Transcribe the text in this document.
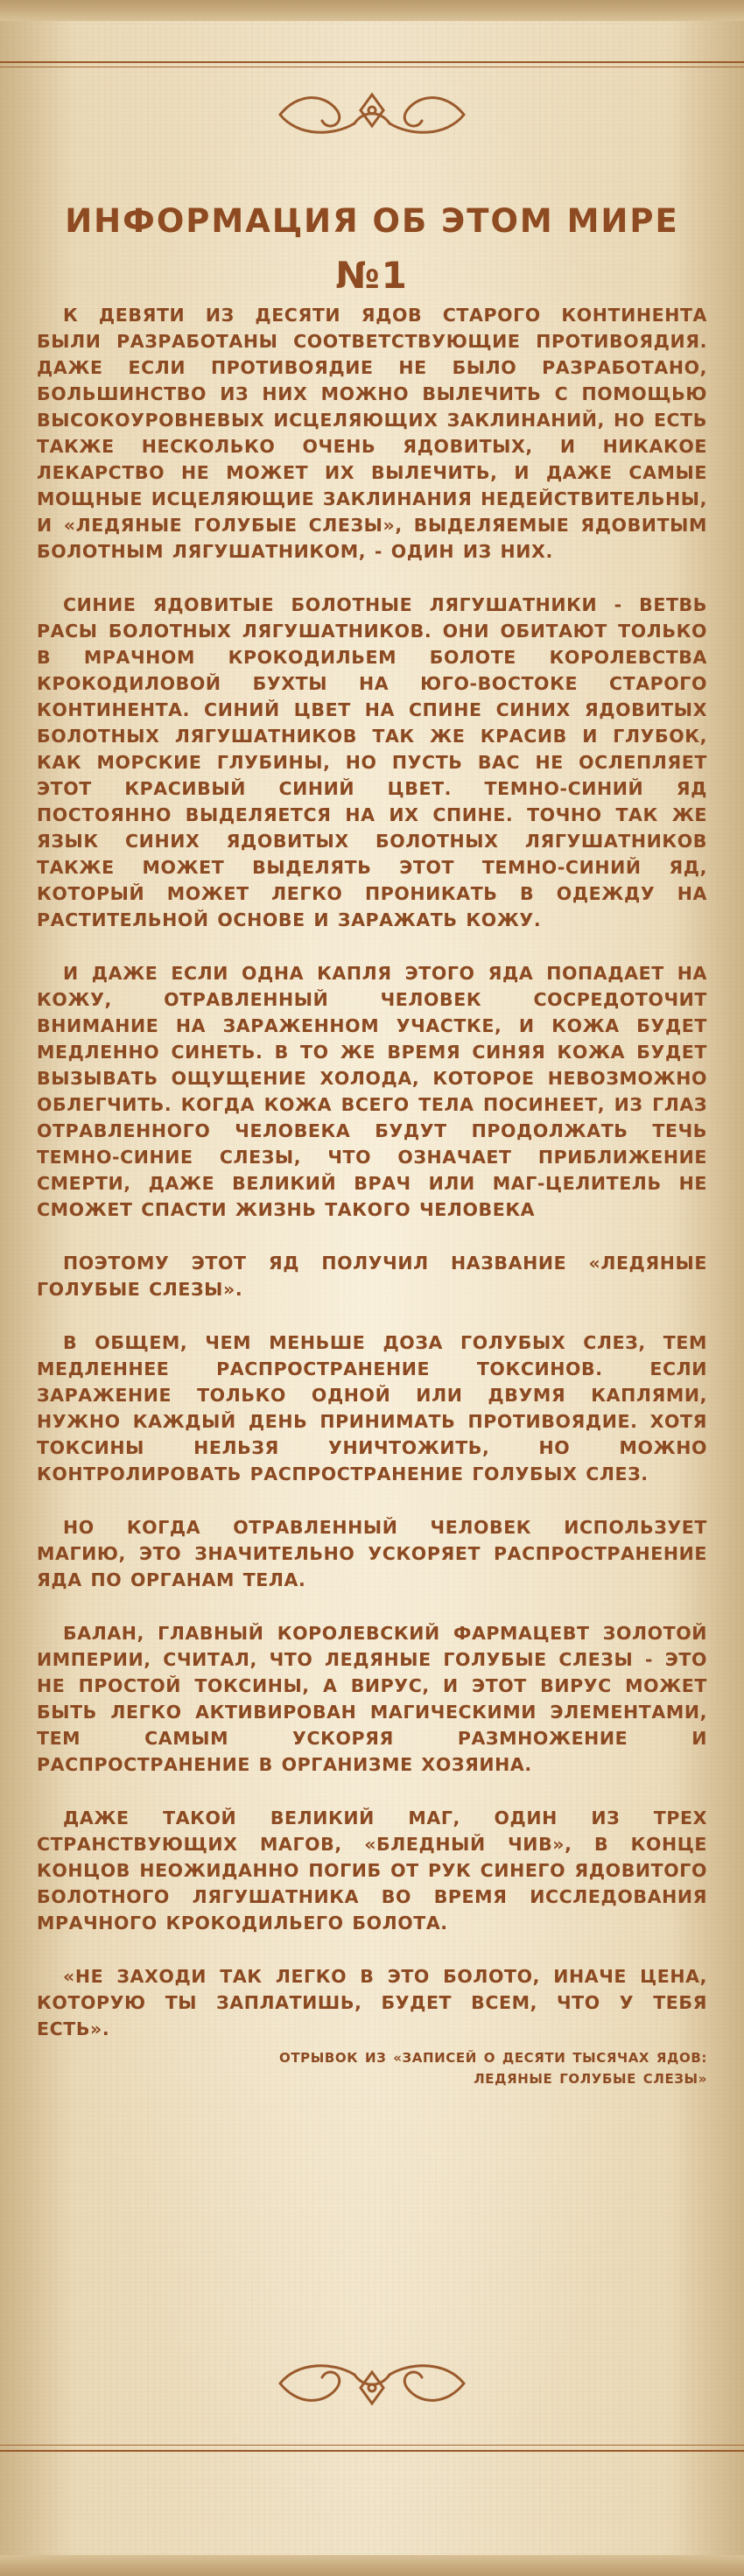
ИНФОРМАЦИЯ ОБ ЭТОМ МИРЕ
№1

К ДЕВЯТИ ИЗ ДЕСЯТИ ЯДОВ СТАРОГО КОНТИНЕНТА БЫЛИ РАЗРАБОТАНЫ СООТВЕТСТВУЮЩИЕ ПРОТИВОЯДИЯ. ДАЖЕ ЕСЛИ ПРОТИВОЯДИЕ НЕ БЫЛО РАЗРАБОТАНО, БОЛЬШИНСТВО ИЗ НИХ МОЖНО ВЫЛЕЧИТЬ С ПОМОЩЬЮ ВЫСОКОУРОВНЕВЫХ ИСЦЕЛЯЮЩИХ ЗАКЛИНАНИЙ, НО ЕСТЬ ТАКЖЕ НЕСКОЛЬКО ОЧЕНЬ ЯДОВИТЫХ, И НИКАКОЕ ЛЕКАРСТВО НЕ МОЖЕТ ИХ ВЫЛЕЧИТЬ, И ДАЖЕ САМЫЕ МОЩНЫЕ ИСЦЕЛЯЮЩИЕ ЗАКЛИНАНИЯ НЕДЕЙСТВИТЕЛЬНЫ, И «ЛЕДЯНЫЕ ГОЛУБЫЕ СЛЕЗЫ», ВЫДЕЛЯЕМЫЕ ЯДОВИТЫМ БОЛОТНЫМ ЛЯГУШАТНИКОМ, - ОДИН ИЗ НИХ.

СИНИЕ ЯДОВИТЫЕ БОЛОТНЫЕ ЛЯГУШАТНИКИ - ВЕТВЬ РАСЫ БОЛОТНЫХ ЛЯГУШАТНИКОВ. ОНИ ОБИТАЮТ ТОЛЬКО В МРАЧНОМ КРОКОДИЛЬЕМ БОЛОТЕ КОРОЛЕВСТВА КРОКОДИЛОВОЙ БУХТЫ НА ЮГО-ВОСТОКЕ СТАРОГО КОНТИНЕНТА. СИНИЙ ЦВЕТ НА СПИНЕ СИНИХ ЯДОВИТЫХ БОЛОТНЫХ ЛЯГУШАТНИКОВ ТАК ЖЕ КРАСИВ И ГЛУБОК, КАК МОРСКИЕ ГЛУБИНЫ, НО ПУСТЬ ВАС НЕ ОСЛЕПЛЯЕТ ЭТОТ КРАСИВЫЙ СИНИЙ ЦВЕТ. ТЕМНО-СИНИЙ ЯД ПОСТОЯННО ВЫДЕЛЯЕТСЯ НА ИХ СПИНЕ. ТОЧНО ТАК ЖЕ ЯЗЫК СИНИХ ЯДОВИТЫХ БОЛОТНЫХ ЛЯГУШАТНИКОВ ТАКЖЕ МОЖЕТ ВЫДЕЛЯТЬ ЭТОТ ТЕМНО-СИНИЙ ЯД, КОТОРЫЙ МОЖЕТ ЛЕГКО ПРОНИКАТЬ В ОДЕЖДУ НА РАСТИТЕЛЬНОЙ ОСНОВЕ И ЗАРАЖАТЬ КОЖУ.

И ДАЖЕ ЕСЛИ ОДНА КАПЛЯ ЭТОГО ЯДА ПОПАДАЕТ НА КОЖУ, ОТРАВЛЕННЫЙ ЧЕЛОВЕК СОСРЕДОТОЧИТ ВНИМАНИЕ НА ЗАРАЖЕННОМ УЧАСТКЕ, И КОЖА БУДЕТ МЕДЛЕННО СИНЕТЬ. В ТО ЖЕ ВРЕМЯ СИНЯЯ КОЖА БУДЕТ ВЫЗЫВАТЬ ОЩУЩЕНИЕ ХОЛОДА, КОТОРОЕ НЕВОЗМОЖНО ОБЛЕГЧИТЬ. КОГДА КОЖА ВСЕГО ТЕЛА ПОСИНЕЕТ, ИЗ ГЛАЗ ОТРАВЛЕННОГО ЧЕЛОВЕКА БУДУТ ПРОДОЛЖАТЬ ТЕЧЬ ТЕМНО-СИНИЕ СЛЕЗЫ, ЧТО ОЗНАЧАЕТ ПРИБЛИЖЕНИЕ СМЕРТИ, ДАЖЕ ВЕЛИКИЙ ВРАЧ ИЛИ МАГ-ЦЕЛИТЕЛЬ НЕ СМОЖЕТ СПАСТИ ЖИЗНЬ ТАКОГО ЧЕЛОВЕКА

ПОЭТОМУ ЭТОТ ЯД ПОЛУЧИЛ НАЗВАНИЕ «ЛЕДЯНЫЕ ГОЛУБЫЕ СЛЕЗЫ».

В ОБЩЕМ, ЧЕМ МЕНЬШЕ ДОЗА ГОЛУБЫХ СЛЕЗ, ТЕМ МЕДЛЕННЕЕ РАСПРОСТРАНЕНИЕ ТОКСИНОВ. ЕСЛИ ЗАРАЖЕНИЕ ТОЛЬКО ОДНОЙ ИЛИ ДВУМЯ КАПЛЯМИ, НУЖНО КАЖДЫЙ ДЕНЬ ПРИНИМАТЬ ПРОТИВОЯДИЕ. ХОТЯ ТОКСИНЫ НЕЛЬЗЯ УНИЧТОЖИТЬ, НО МОЖНО КОНТРОЛИРОВАТЬ РАСПРОСТРАНЕНИЕ ГОЛУБЫХ СЛЕЗ.

НО КОГДА ОТРАВЛЕННЫЙ ЧЕЛОВЕК ИСПОЛЬЗУЕТ МАГИЮ, ЭТО ЗНАЧИТЕЛЬНО УСКОРЯЕТ РАСПРОСТРАНЕНИЕ ЯДА ПО ОРГАНАМ ТЕЛА.

БАЛАН, ГЛАВНЫЙ КОРОЛЕВСКИЙ ФАРМАЦЕВТ ЗОЛОТОЙ ИМПЕРИИ, СЧИТАЛ, ЧТО ЛЕДЯНЫЕ ГОЛУБЫЕ СЛЕЗЫ - ЭТО НЕ ПРОСТОЙ ТОКСИНЫ, А ВИРУС, И ЭТОТ ВИРУС МОЖЕТ БЫТЬ ЛЕГКО АКТИВИРОВАН МАГИЧЕСКИМИ ЭЛЕМЕНТАМИ, ТЕМ САМЫМ УСКОРЯЯ РАЗМНОЖЕНИЕ И РАСПРОСТРАНЕНИЕ В ОРГАНИЗМЕ ХОЗЯИНА.

ДАЖЕ ТАКОЙ ВЕЛИКИЙ МАГ, ОДИН ИЗ ТРЕХ СТРАНСТВУЮЩИХ МАГОВ, «БЛЕДНЫЙ ЧИВ», В КОНЦЕ КОНЦОВ НЕОЖИДАННО ПОГИБ ОТ РУК СИНЕГО ЯДОВИТОГО БОЛОТНОГО ЛЯГУШАТНИКА ВО ВРЕМЯ ИССЛЕДОВАНИЯ МРАЧНОГО КРОКОДИЛЬЕГО БОЛОТА.

«НЕ ЗАХОДИ ТАК ЛЕГКО В ЭТО БОЛОТО, ИНАЧЕ ЦЕНА, КОТОРУЮ ТЫ ЗАПЛАТИШЬ, БУДЕТ ВСЕМ, ЧТО У ТЕБЯ ЕСТЬ».

ОТРЫВОК ИЗ «ЗАПИСЕЙ О ДЕСЯТИ ТЫСЯЧАХ ЯДОВ: ЛЕДЯНЫЕ ГОЛУБЫЕ СЛЕЗЫ»
